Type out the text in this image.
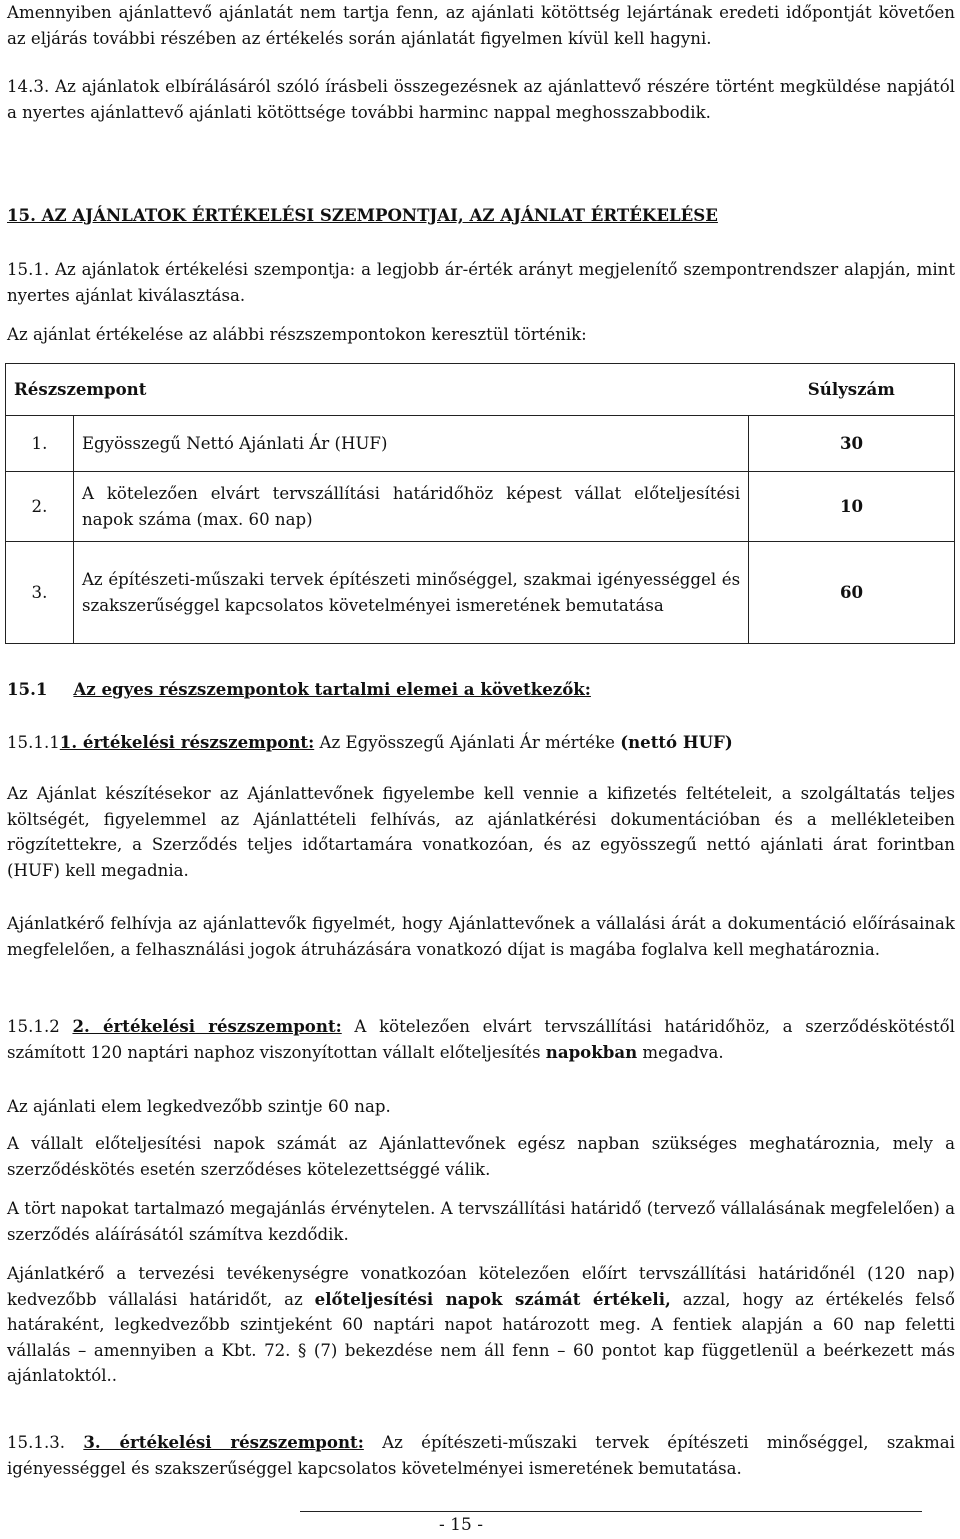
Amennyiben ajánlattevő ajánlatát nem tartja fenn, az ajánlati kötöttség lejártának eredeti időpontját követően az eljárás további részében az értékelés során ajánlatát figyelmen kívül kell hagyni.

14.3. Az ajánlatok elbírálásáról szóló írásbeli összegezésnek az ajánlattevő részére történt megküldése napjától a nyertes ajánlattevő ajánlati kötöttsége további harminc nappal meghosszabbodik.

15. AZ AJÁNLATOK ÉRTÉKELÉSI SZEMPONTJAI, AZ AJÁNLAT ÉRTÉKELÉSE

15.1. Az ajánlatok értékelési szempontja: a legjobb ár-érték arányt megjelenítő szempontrendszer alapján, mint nyertes ajánlat kiválasztása.

Az ajánlat értékelése az alábbi részszempontokon keresztül történik:

Részszempont		Súlyszám
1.	Egyösszegű Nettó Ajánlati Ár (HUF)	30
2.	A kötelezően elvárt tervszállítási határidőhöz képest vállat előteljesítési napok száma (max. 60 nap)	10
3.	Az építészeti-műszaki tervek építészeti minőséggel, szakmai igényességgel és szakszerűséggel kapcsolatos követelményei ismeretének bemutatása	60

15.1 Az egyes részszempontok tartalmi elemei a következők:

15.1.11. értékelési részszempont: Az Egyösszegű Ajánlati Ár mértéke (nettó HUF)

Az Ajánlat készítésekor az Ajánlattevőnek figyelembe kell vennie a kifizetés feltételeit, a szolgáltatás teljes költségét, figyelemmel az Ajánlattételi felhívás, az ajánlatkérési dokumentációban és a mellékleteiben rögzítettekre, a Szerződés teljes időtartamára vonatkozóan, és az egyösszegű nettó ajánlati árat forintban (HUF) kell megadnia.

Ajánlatkérő felhívja az ajánlattevők figyelmét, hogy Ajánlattevőnek a vállalási árát a dokumentáció előírásainak megfelelően, a felhasználási jogok átruházására vonatkozó díjat is magába foglalva kell meghatároznia.

15.1.2 2. értékelési részszempont: A kötelezően elvárt tervszállítási határidőhöz, a szerződéskötéstől számított 120 naptári naphoz viszonyítottan vállalt előteljesítés napokban megadva.

Az ajánlati elem legkedvezőbb szintje 60 nap.

A vállalt előteljesítési napok számát az Ajánlattevőnek egész napban szükséges meghatároznia, mely a szerződéskötés esetén szerződéses kötelezettséggé válik.

A tört napokat tartalmazó megajánlás érvénytelen. A tervszállítási határidő (tervező vállalásának megfelelően) a szerződés aláírásától számítva kezdődik.

Ajánlatkérő a tervezési tevékenységre vonatkozóan kötelezően előírt tervszállítási határidőnél (120 nap) kedvezőbb vállalási határidőt, az előteljesítési napok számát értékeli, azzal, hogy az értékelés felső határaként, legkedvezőbb szintjeként 60 naptári napot határozott meg. A fentiek alapján a 60 nap feletti vállalás – amennyiben a Kbt. 72. § (7) bekezdése nem áll fenn – 60 pontot kap függetlenül a beérkezett más ajánlatoktól..

15.1.3. 3. értékelési részszempont: Az építészeti-műszaki tervek építészeti minőséggel, szakmai igényességgel és szakszerűséggel kapcsolatos követelményei ismeretének bemutatása.

- 15 -
